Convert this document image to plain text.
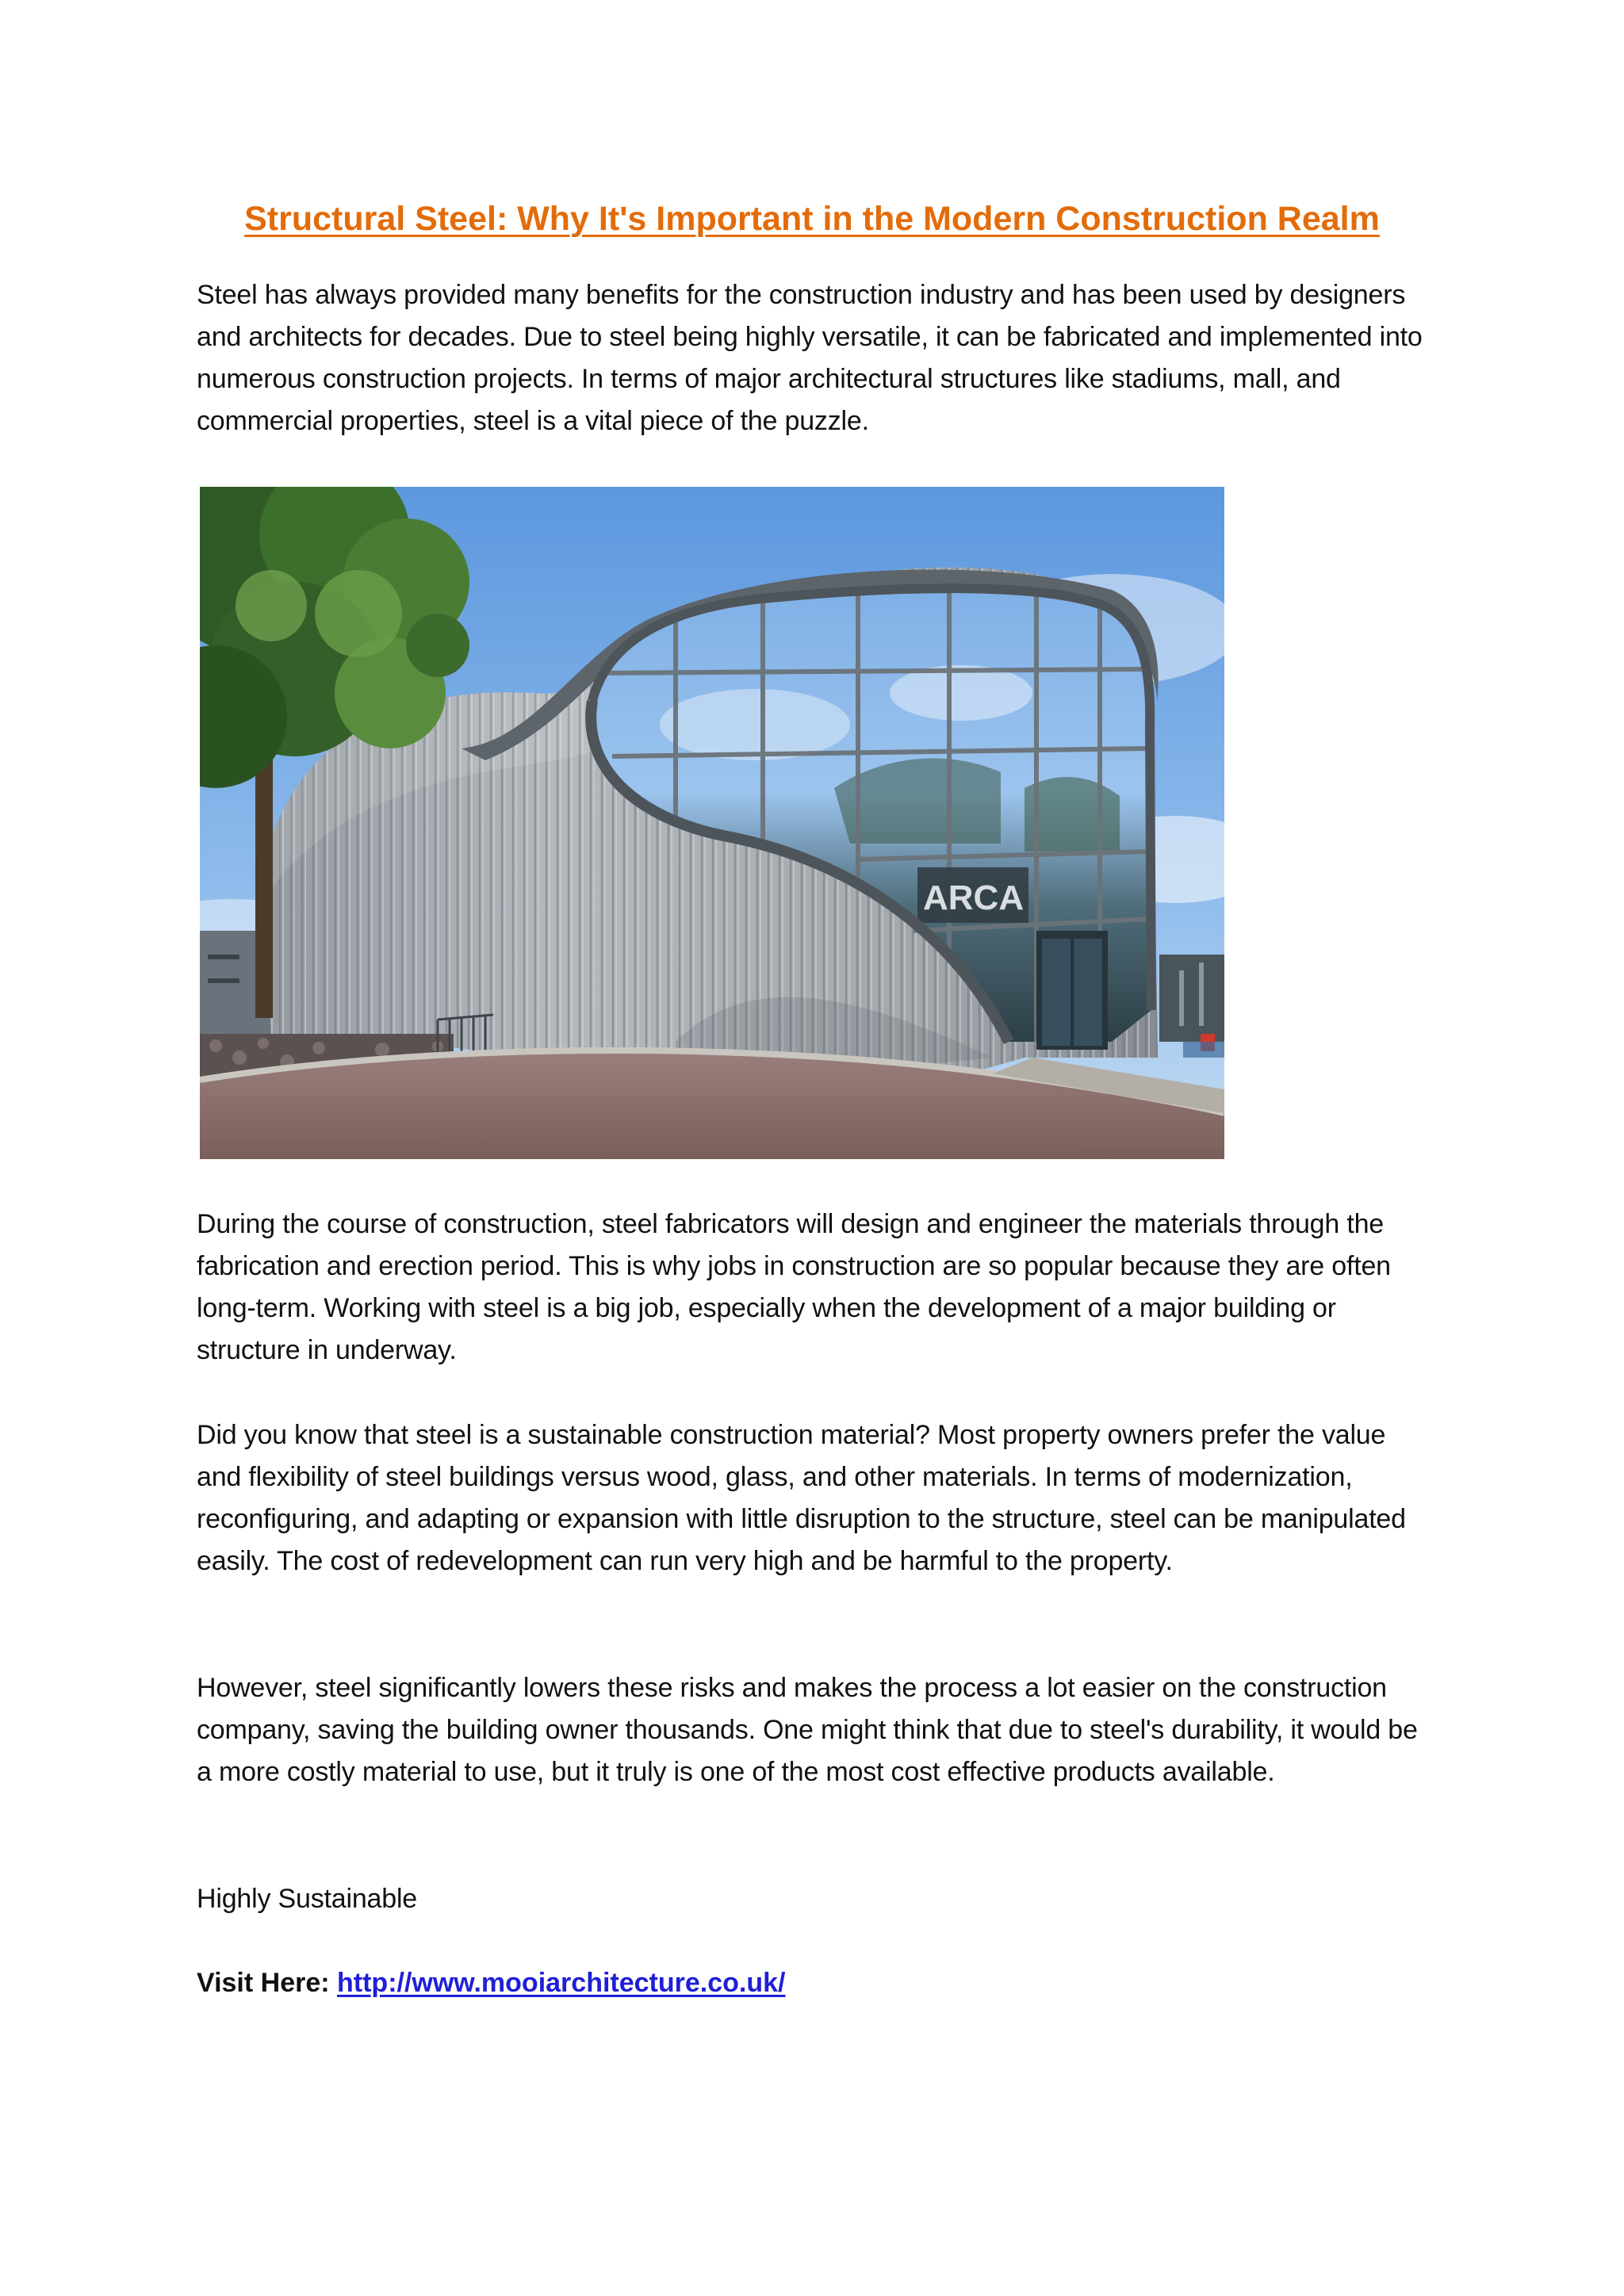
Structural Steel: Why It's Important in the Modern Construction Realm

Steel has always provided many benefits for the construction industry and has been used by designers and architects for decades. Due to steel being highly versatile, it can be fabricated and implemented into numerous construction projects. In terms of major architectural structures like stadiums, mall, and commercial properties, steel is a vital piece of the puzzle.

ARCA

During the course of construction, steel fabricators will design and engineer the materials through the fabrication and erection period. This is why jobs in construction are so popular because they are often long-term. Working with steel is a big job, especially when the development of a major building or structure in underway.

Did you know that steel is a sustainable construction material? Most property owners prefer the value and flexibility of steel buildings versus wood, glass, and other materials. In terms of modernization, reconfiguring, and adapting or expansion with little disruption to the structure, steel can be manipulated easily. The cost of redevelopment can run very high and be harmful to the property.

However, steel significantly lowers these risks and makes the process a lot easier on the construction company, saving the building owner thousands. One might think that due to steel's durability, it would be a more costly material to use, but it truly is one of the most cost effective products available.

Highly Sustainable

Visit Here: http://www.mooiarchitecture.co.uk/
